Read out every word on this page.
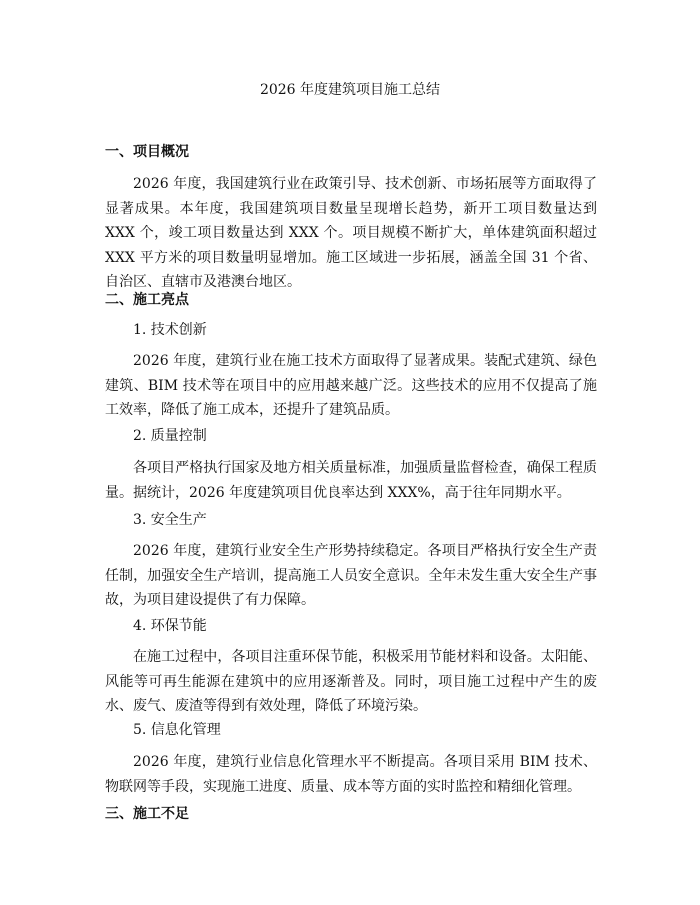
2026 年度建筑项目施工总结
一、项目概况

2026 年度，我国建筑行业在政策引导、技术创新、市场拓展等方面取得了显著成果。本年度，我国建筑项目数量呈现增长趋势，新开工项目数量达到 XXX 个，竣工项目数量达到 XXX 个。项目规模不断扩大，单体建筑面积超过 XXX 平方米的项目数量明显增加。施工区域进一步拓展，涵盖全国 31 个省、自治区、直辖市及港澳台地区。

二、施工亮点
1. 技术创新

2026 年度，建筑行业在施工技术方面取得了显著成果。装配式建筑、绿色建筑、BIM 技术等在项目中的应用越来越广泛。这些技术的应用不仅提高了施工效率，降低了施工成本，还提升了建筑品质。

2. 质量控制

各项目严格执行国家及地方相关质量标准，加强质量监督检查，确保工程质量。据统计，2026 年度建筑项目优良率达到 XXX%，高于往年同期水平。

3. 安全生产

2026 年度，建筑行业安全生产形势持续稳定。各项目严格执行安全生产责任制，加强安全生产培训，提高施工人员安全意识。全年未发生重大安全生产事故，为项目建设提供了有力保障。

4. 环保节能

在施工过程中，各项目注重环保节能，积极采用节能材料和设备。太阳能、风能等可再生能源在建筑中的应用逐渐普及。同时，项目施工过程中产生的废水、废气、废渣等得到有效处理，降低了环境污染。

5. 信息化管理

2026 年度，建筑行业信息化管理水平不断提高。各项目采用 BIM 技术、物联网等手段，实现施工进度、质量、成本等方面的实时监控和精细化管理。

三、施工不足
